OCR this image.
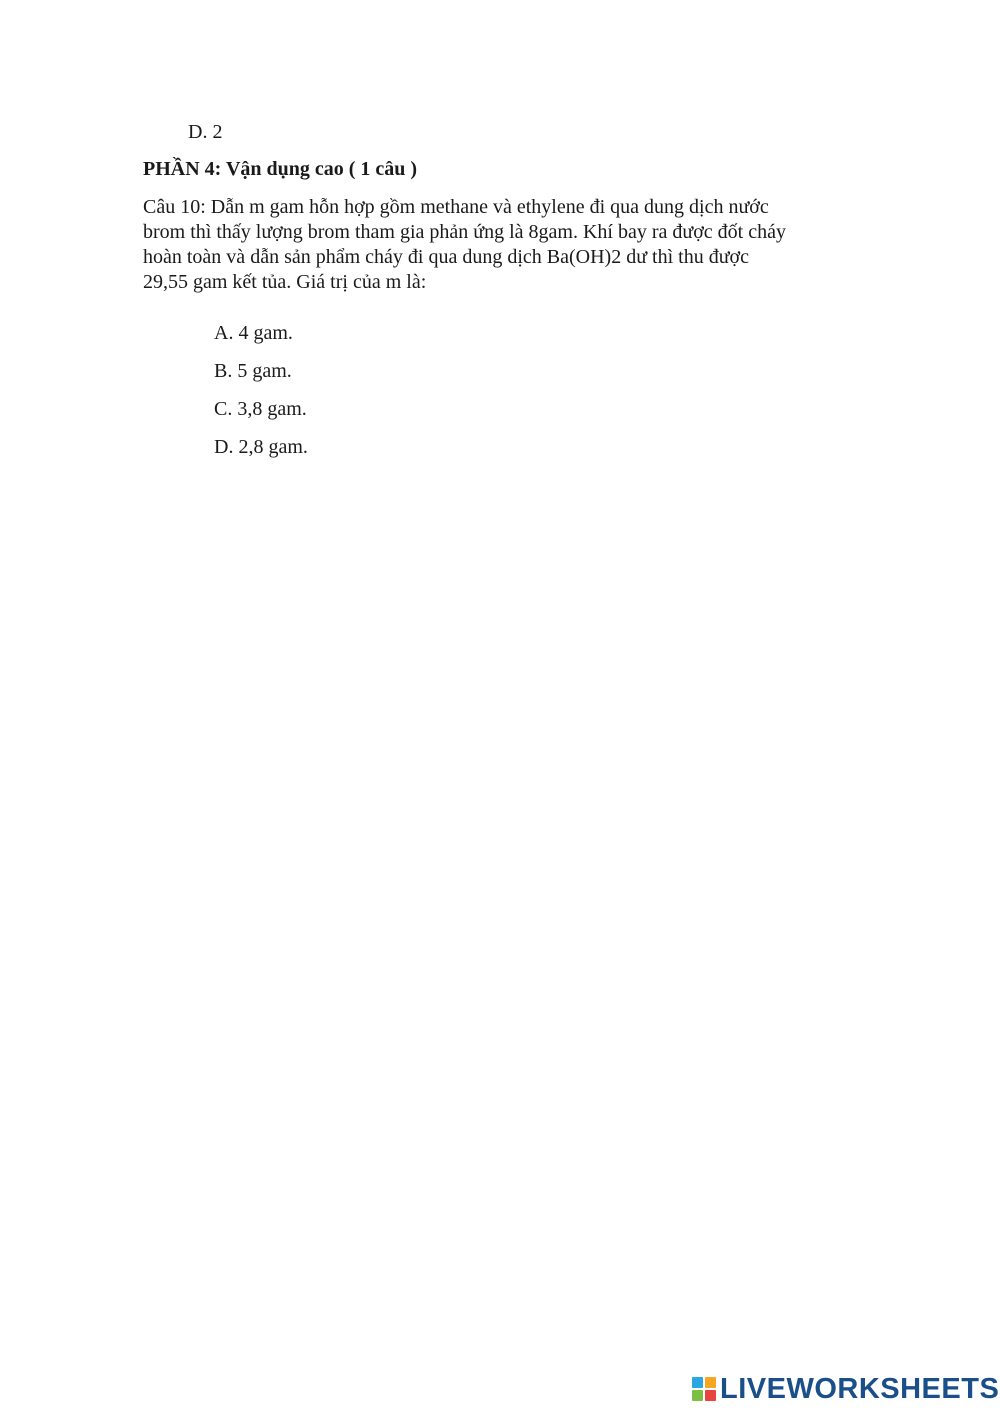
D. 2
PHẦN 4: Vận dụng cao ( 1 câu )
Câu 10: Dẫn m gam hỗn hợp gồm methane và ethylene đi qua dung dịch nước
brom thì thấy lượng brom tham gia phản ứng là 8gam. Khí bay ra được đốt cháy
hoàn toàn và dẫn sản phẩm cháy đi qua dung dịch Ba(OH)2 dư thì thu được
29,55 gam kết tủa. Giá trị của m là:
A. 4 gam.
B. 5 gam.
C. 3,8 gam.
D. 2,8 gam.
LIVEWORKSHEETS
